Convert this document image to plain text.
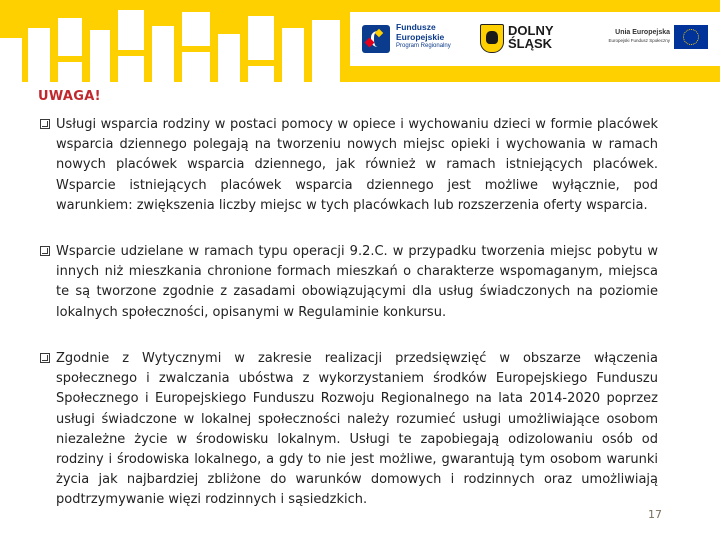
Fundusze
Europejskie
Program Regionalny
DOLNY
ŚLĄSK
Unia Europejska
Europejski Fundusz Społeczny
UWAGA!

Usługi wsparcia rodziny w postaci pomocy w opiece i wychowaniu dzieci w formie placówek wsparcia dziennego polegają na tworzeniu nowych miejsc opieki i wychowania w ramach nowych placówek wsparcia dziennego, jak również w ramach istniejących placówek. Wsparcie istniejących placówek wsparcia dziennego jest możliwe wyłącznie, pod warunkiem: zwiększenia liczby miejsc w tych placówkach lub rozszerzenia oferty wsparcia.

Wsparcie udzielane w ramach typu operacji 9.2.C. w przypadku tworzenia miejsc pobytu w innych niż mieszkania chronione formach mieszkań o charakterze wspomaganym, miejsca te są tworzone zgodnie z zasadami obowiązującymi dla usług świadczonych na poziomie lokalnych społeczności, opisanymi w Regulaminie konkursu.

Zgodnie z Wytycznymi w zakresie realizacji przedsięwzięć w obszarze włączenia społecznego i zwalczania ubóstwa z wykorzystaniem środków Europejskiego Funduszu Społecznego i Europejskiego Funduszu Rozwoju Regionalnego na lata 2014-2020 poprzez usługi świadczone w lokalnej społeczności należy rozumieć usługi umożliwiające osobom niezależne życie w środowisku lokalnym. Usługi te zapobiegają odizolowaniu osób od rodziny i środowiska lokalnego, a gdy to nie jest możliwe, gwarantują tym osobom warunki życia jak najbardziej zbliżone do warunków domowych i rodzinnych oraz umożliwiają podtrzymywanie więzi rodzinnych i sąsiedzkich.

17
